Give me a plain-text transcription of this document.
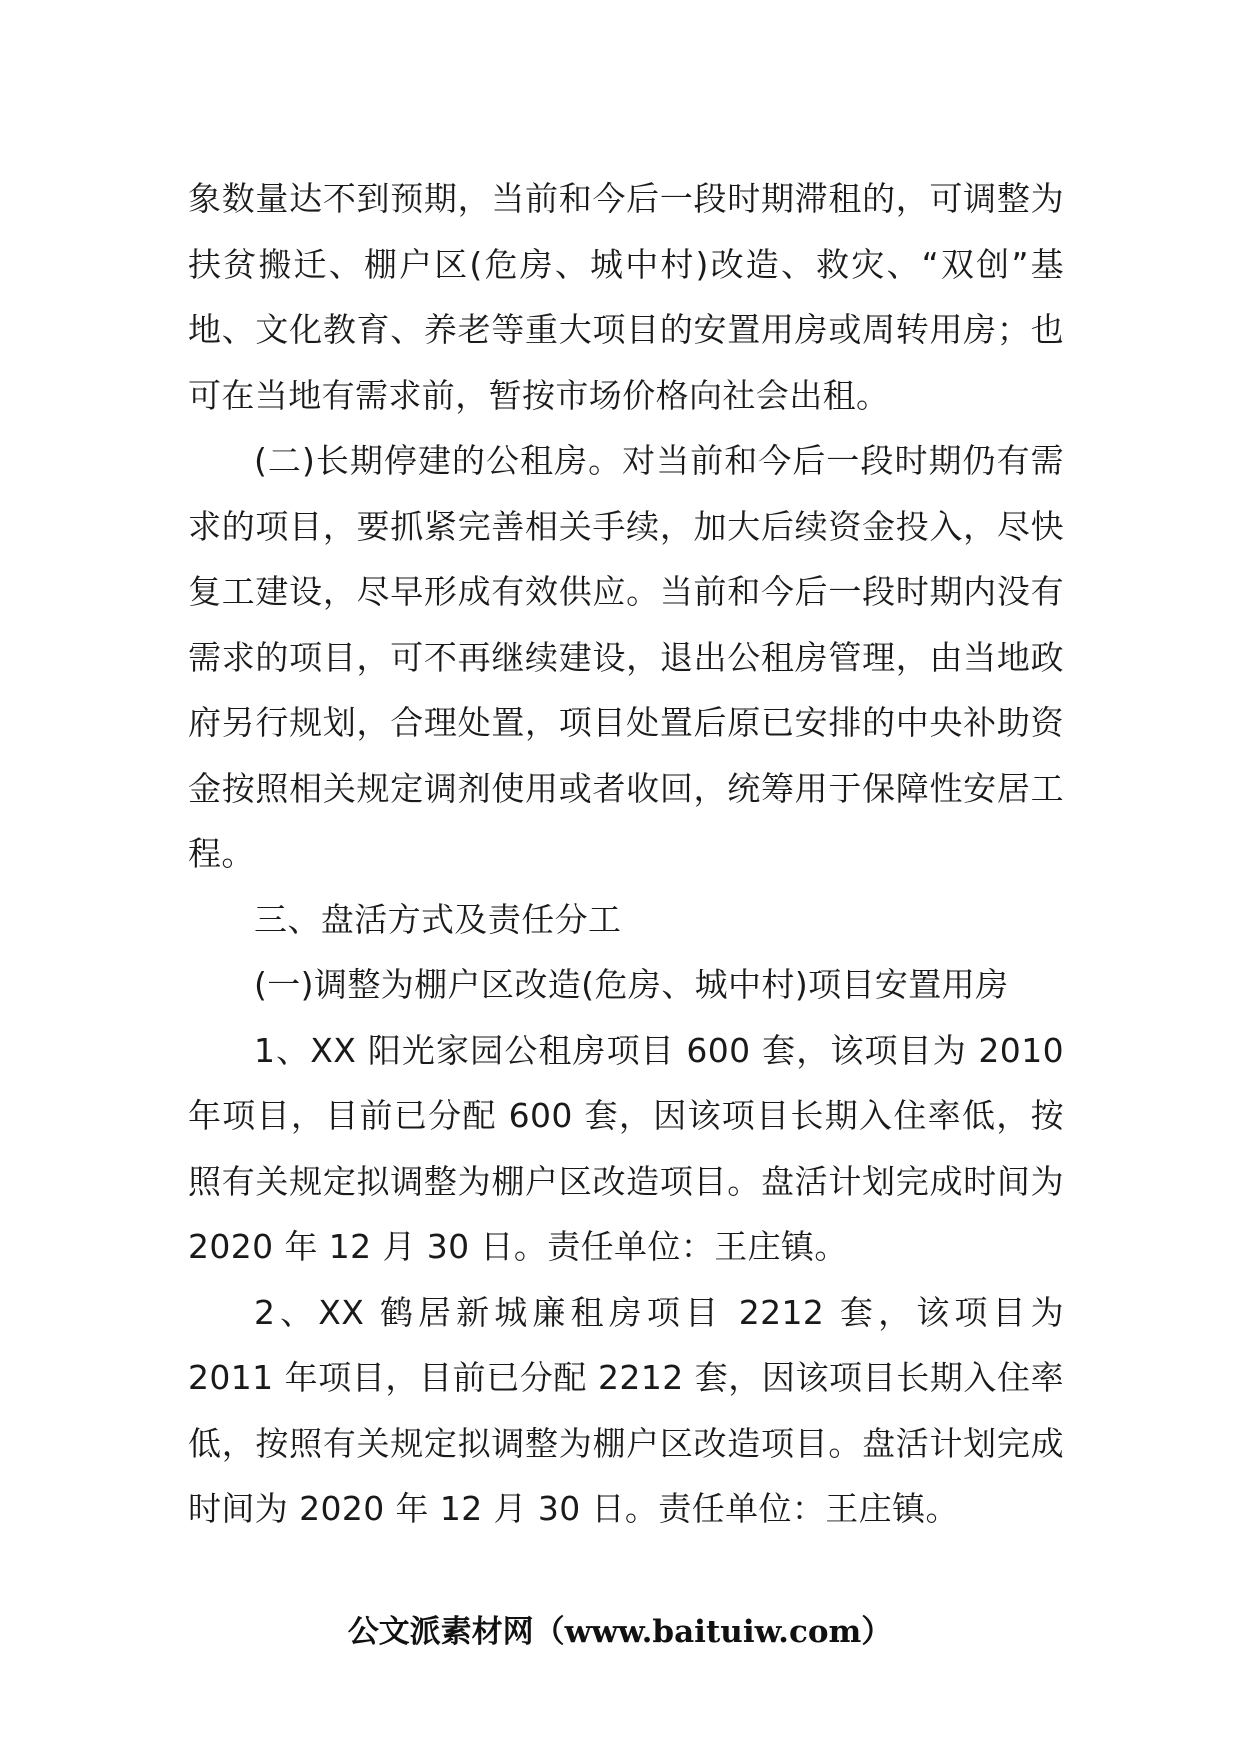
象数量达不到预期，当前和今后一段时期滞租的，可调整为扶贫搬迁、棚户区(危房、城中村)改造、救灾、“双创”基地、文化教育、养老等重大项目的安置用房或周转用房；也可在当地有需求前，暂按市场价格向社会出租。

(二)长期停建的公租房。对当前和今后一段时期仍有需求的项目，要抓紧完善相关手续，加大后续资金投入，尽快复工建设，尽早形成有效供应。当前和今后一段时期内没有需求的项目，可不再继续建设，退出公租房管理，由当地政府另行规划，合理处置，项目处置后原已安排的中央补助资金按照相关规定调剂使用或者收回，统筹用于保障性安居工程。

三、盘活方式及责任分工

(一)调整为棚户区改造(危房、城中村)项目安置用房

1、XX 阳光家园公租房项目 600 套，该项目为 2010 年项目，目前已分配 600 套，因该项目长期入住率低，按照有关规定拟调整为棚户区改造项目。盘活计划完成时间为 2020 年 12 月 30 日。责任单位：王庄镇。

2、XX 鹤居新城廉租房项目 2212 套，该项目为 2011 年项目，目前已分配 2212 套，因该项目长期入住率低，按照有关规定拟调整为棚户区改造项目。盘活计划完成时间为 2020 年 12 月 30 日。责任单位：王庄镇。

公文派素材网（www.baituiw.com）
